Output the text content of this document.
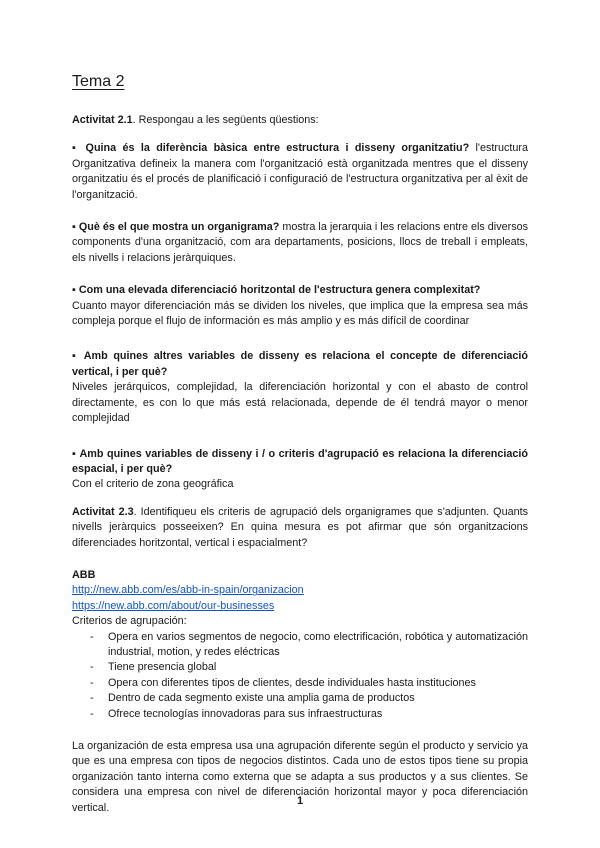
Tema 2

Activitat 2.1. Respongau a les següents qüestions:

▪ Quina és la diferència bàsica entre estructura i disseny organitzatiu? l'estructura Organitzativa defineix la manera com l'organització està organitzada mentres que el disseny organitzatiu és el procés de planificació i configuració de l'estructura organitzativa per al èxit de l'organització.

▪ Què és el que mostra un organigrama? mostra la jerarquia i les relacions entre els diversos components d'una organització, com ara departaments, posicions, llocs de treball i empleats, els nivells i relacions jeràrquiques.

▪ Com una elevada diferenciació horitzontal de l'estructura genera complexitat?

Cuanto mayor diferenciación más se dividen los niveles, que implica que la empresa sea más compleja porque el flujo de información es más amplio y es más difícil de coordinar

▪ Amb quines altres variables de disseny es relaciona el concepte de diferenciació vertical, i per què?

Niveles jerárquicos, complejidad, la diferenciación horizontal y con el abasto de control directamente, es con lo que más está relacionada, depende de él tendrá mayor o menor complejidad

▪ Amb quines variables de disseny i / o criteris d'agrupació es relaciona la diferenciació espacial, i per què?

Con el criterio de zona geográfica

Activitat 2.3. Identifiqueu els criteris de agrupació dels organigrames que s'adjunten. Quants nivells jeràrquics posseeixen? En quina mesura es pot afirmar que són organitzacions diferenciades horitzontal, vertical i espacialment?

ABB

http://new.abb.com/es/abb-in-spain/organizacion
https://new.abb.com/about/our-businesses

Criterios de agrupación:

- Opera en varios segmentos de negocio, como electrificación, robótica y automatización industrial, motion, y redes eléctricas
- Tiene presencia global
- Opera con diferentes tipos de clientes, desde individuales hasta instituciones
- Dentro de cada segmento existe una amplia gama de productos
- Ofrece tecnologías innovadoras para sus infraestructuras

La organización de esta empresa usa una agrupación diferente según el producto y servicio ya que es una empresa con tipos de negocios distintos. Cada uno de estos tipos tiene su propia organización tanto interna como externa que se adapta a sus productos y a sus clientes. Se considera una empresa con nivel de diferenciación horizontal mayor y poca diferenciación vertical.

1
